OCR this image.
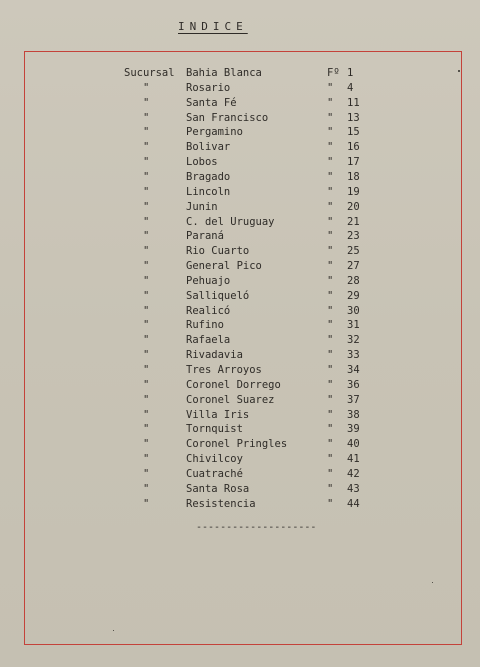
INDICE
Sucursal Bahia Blanca	Fº 1
"	Rosario	" 4
"	Santa Fé	" 11
"	San Francisco	" 13
"	Pergamino	" 15
"	Bolivar	" 16
"	Lobos	" 17
"	Bragado	" 18
"	Lincoln	" 19
"	Junin	" 20
"	C. del Uruguay	" 21
"	Paraná	" 23
"	Rio Cuarto	" 25
"	General Pico	" 27
"	Pehuajo	" 28
"	Salliqueló	" 29
"	Realicó	" 30
"	Rufino	" 31
"	Rafaela	" 32
"	Rivadavia	" 33
"	Tres Arroyos	" 34
"	Coronel Dorrego	" 36
"	Coronel Suarez	" 37
"	Villa Iris	" 38
"	Tornquist	" 39
"	Coronel Pringles	" 40
"	Chivilcoy	" 41
"	Cuatraché	" 42
"	Santa Rosa	" 43
"	Resistencia	" 44
--------------------
